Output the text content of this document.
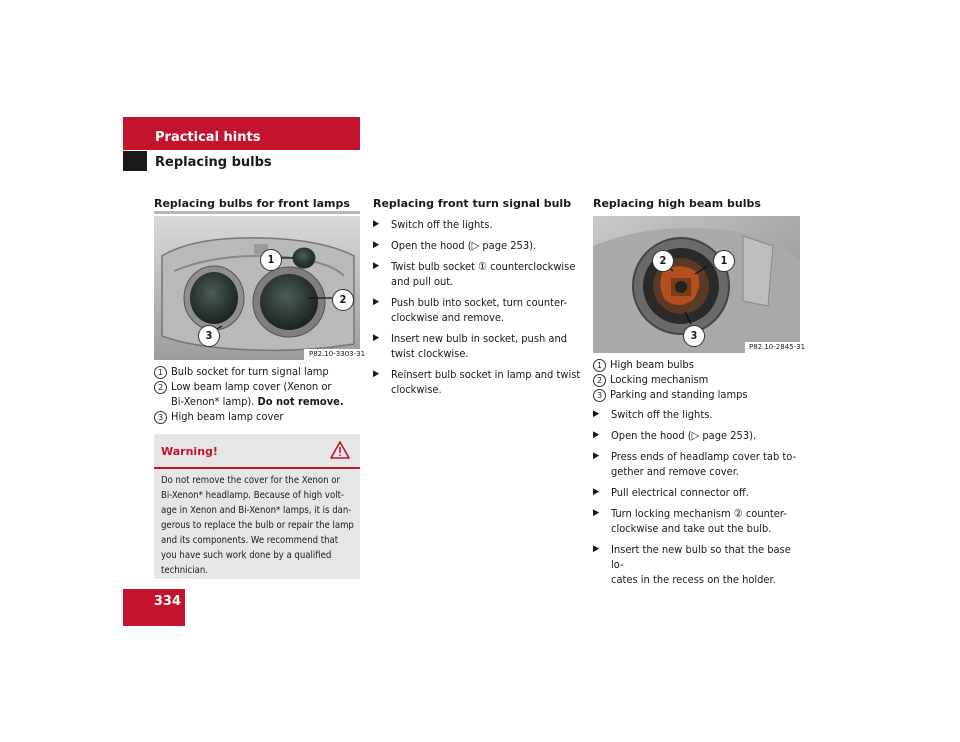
Practical hints
Replacing bulbs
Replacing bulbs for front lamps
1
2
3
P82.10-3303-31
1 Bulb socket for turn signal lamp
2 Low beam lamp cover (Xenon or
Bi-Xenon* lamp). Do not remove.
3 High beam lamp cover
Warning!
Do not remove the cover for the Xenon or
Bi-Xenon* headlamp. Because of high volt-
age in Xenon and Bi-Xenon* lamps, it is dan-
gerous to replace the bulb or repair the lamp
and its components. We recommend that
you have such work done by a qualified
technician.
Replacing front turn signal bulb
▶ Switch off the lights.
▶ Open the hood (▷ page 253).
▶ Twist bulb socket ① counterclockwise
and pull out.
▶ Push bulb into socket, turn counter-
clockwise and remove.
▶ Insert new bulb in socket, push and
twist clockwise.
▶ Reinsert bulb socket in lamp and twist
clockwise.
Replacing high beam bulbs
2	1
3
P82.10-2845-31
1 High beam bulbs
2 Locking mechanism
3 Parking and standing lamps
▶ Switch off the lights.
▶ Open the hood (▷ page 253).
▶ Press ends of headlamp cover tab to-
gether and remove cover.
▶ Pull electrical connector off.
▶ Turn locking mechanism ② counter-
clockwise and take out the bulb.
▶ Insert the new bulb so that the base lo-
cates in the recess on the holder.
334
